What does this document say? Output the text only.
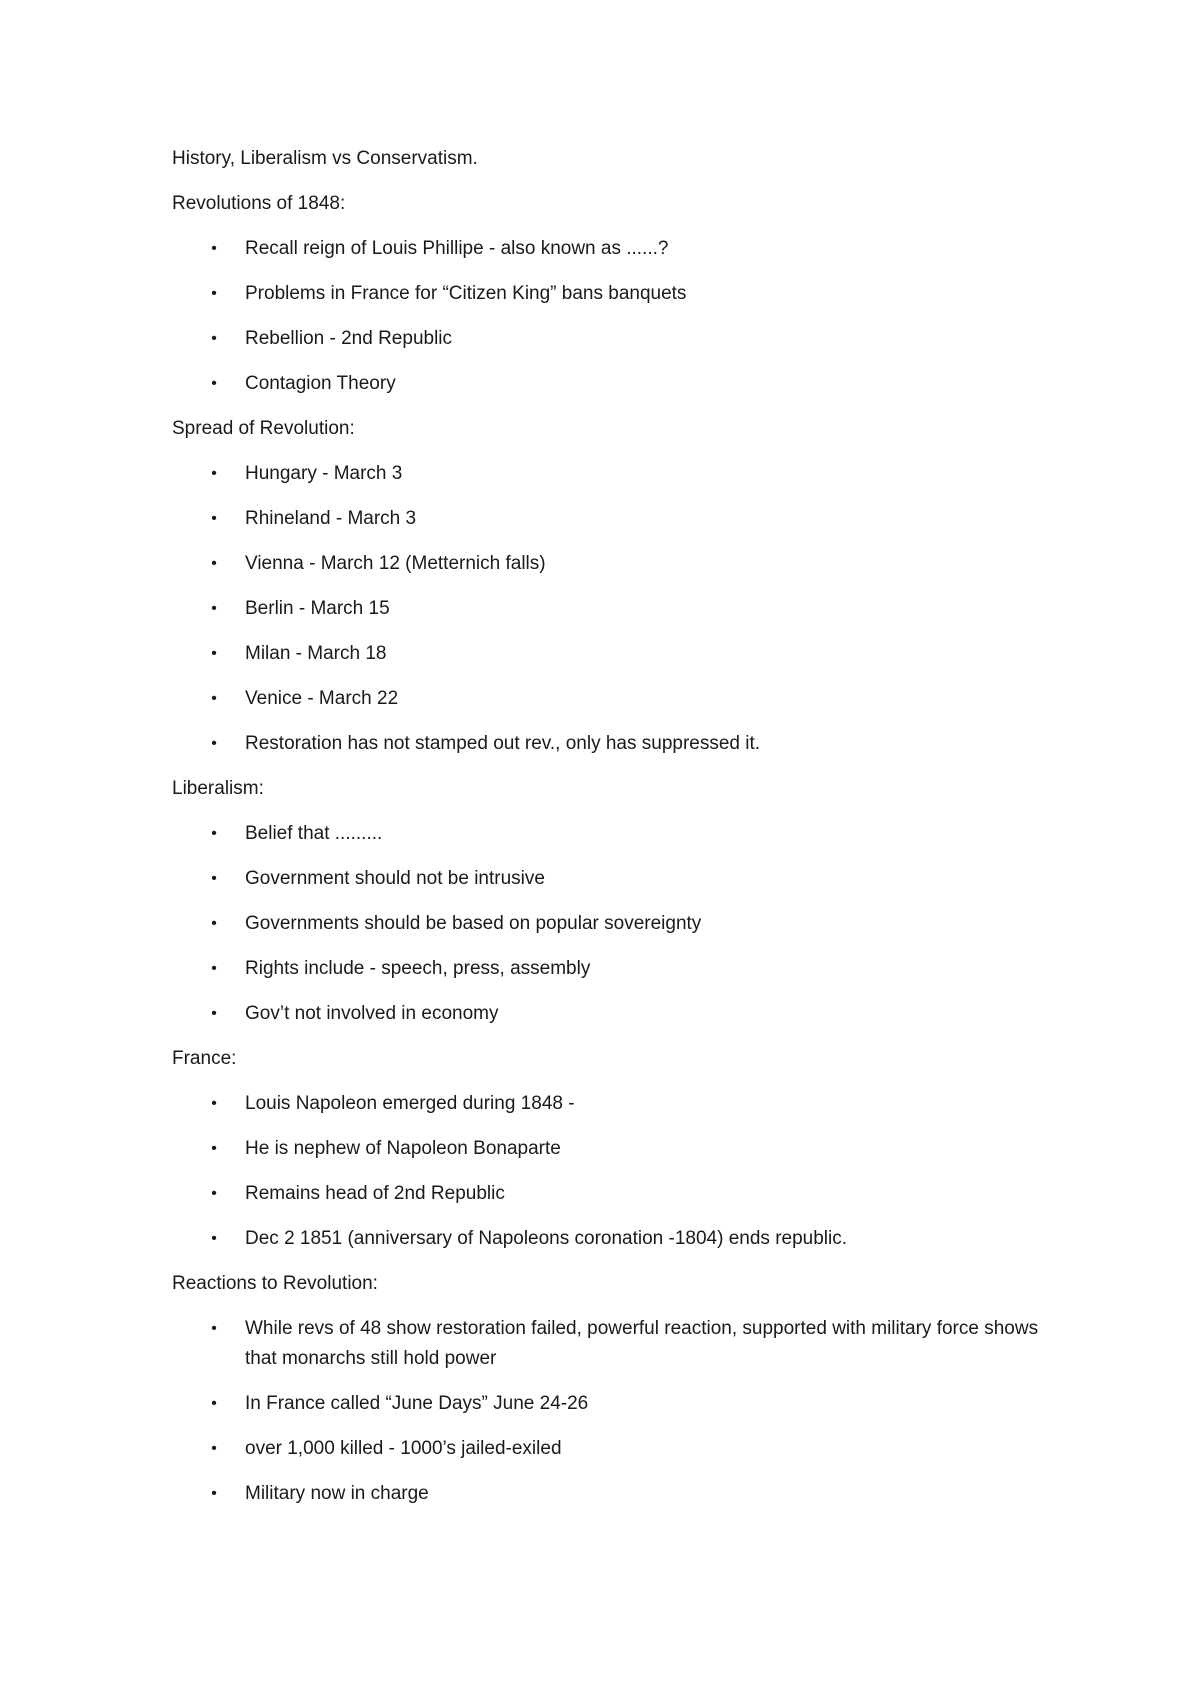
History, Liberalism vs Conservatism.

Revolutions of 1848:

• Recall reign of Louis Phillipe - also known as ......?
• Problems in France for “Citizen King” bans banquets
• Rebellion - 2nd Republic
• Contagion Theory

Spread of Revolution:

• Hungary - March 3
• Rhineland - March 3
• Vienna - March 12 (Metternich falls)
• Berlin - March 15
• Milan - March 18
• Venice - March 22
• Restoration has not stamped out rev., only has suppressed it.

Liberalism:

• Belief that .........
• Government should not be intrusive
• Governments should be based on popular sovereignty
• Rights include - speech, press, assembly
• Gov’t not involved in economy

France:

• Louis Napoleon emerged during 1848 -
• He is nephew of Napoleon Bonaparte
• Remains head of 2nd Republic
• Dec 2 1851 (anniversary of Napoleons coronation -1804) ends republic.

Reactions to Revolution:

• While revs of 48 show restoration failed, powerful reaction, supported with military force shows that monarchs still hold power
• In France called “June Days” June 24-26
• over 1,000 killed - 1000’s jailed-exiled
• Military now in charge
